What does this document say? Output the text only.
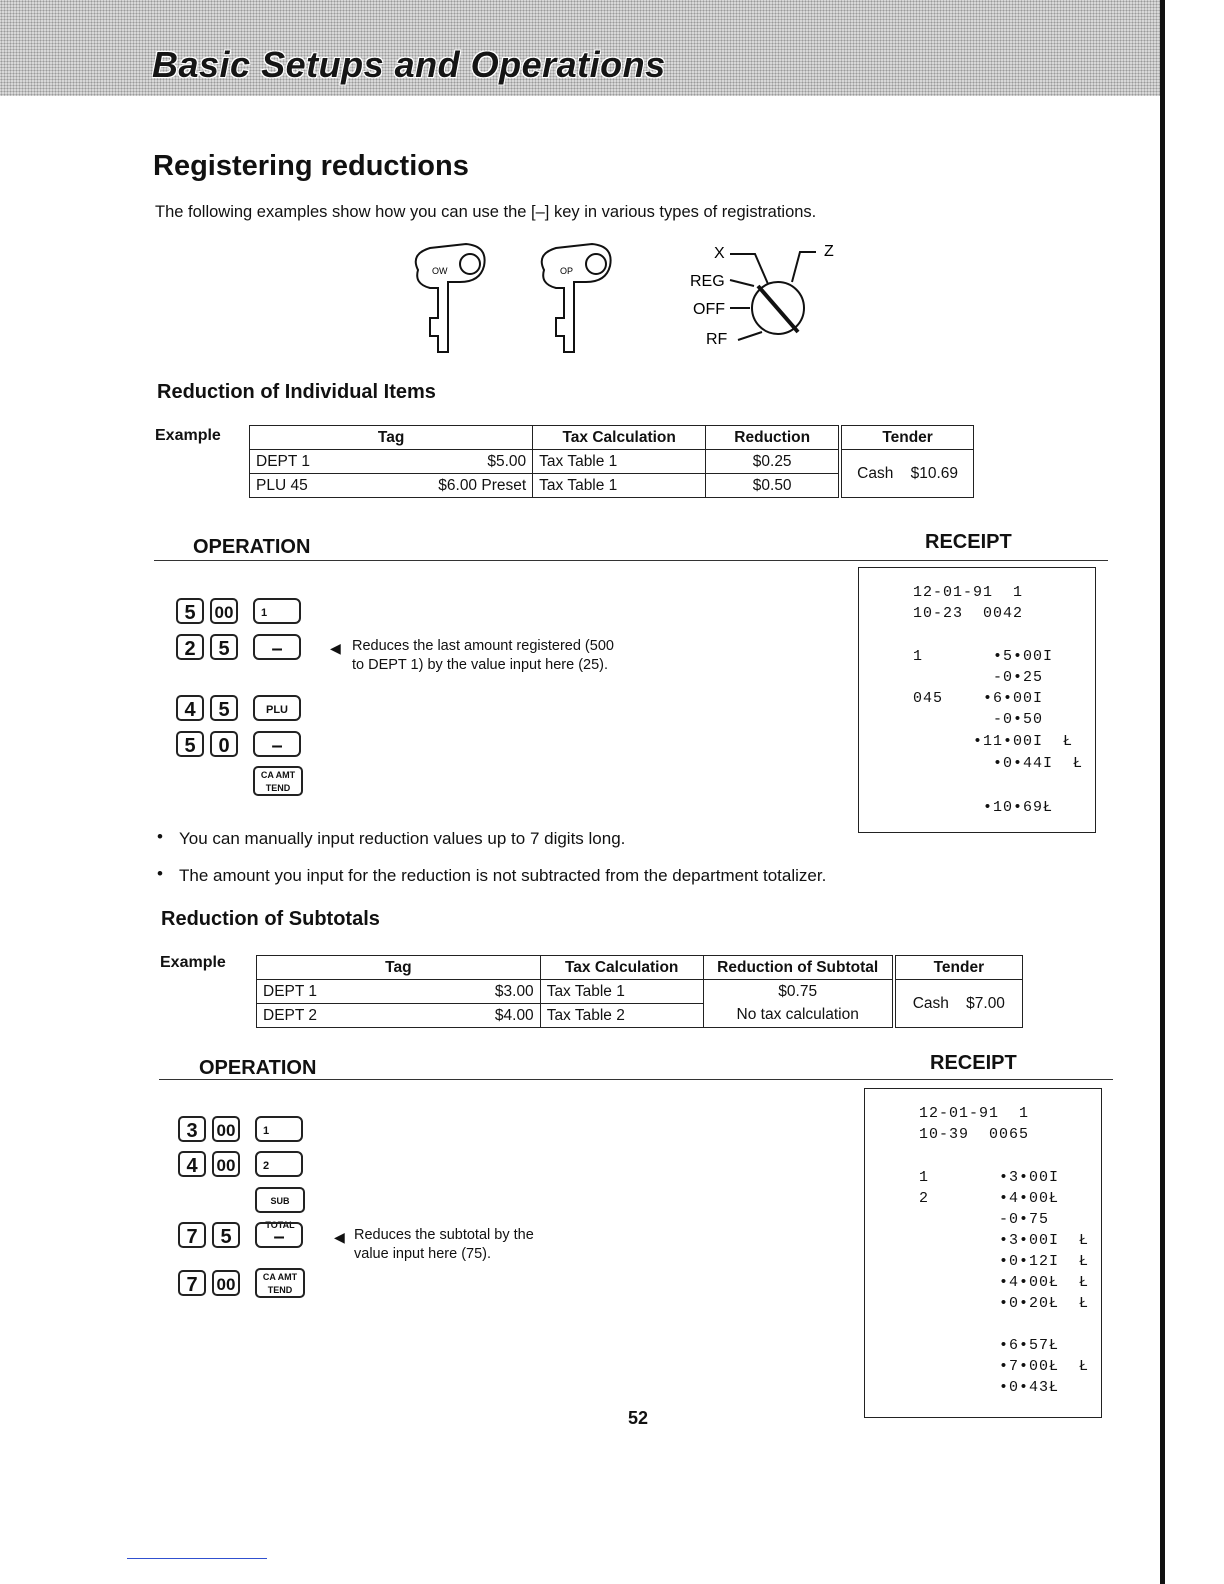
Basic Setups and Operations
Registering reductions
The following examples show how you can use the [–] key in various types of registrations.
OW	OP
X	Z
REG
OFF
RF
Reduction of Individual Items
Example	Tag		Tax Calculation	Reduction	Tender
DEPT 1	$5.00	Tax Table 1	$0.25	Cash    $10.69
PLU 45	$6.00 Preset	Tax Table 1	$0.50	
OPERATION	RECEIPT
5	00	1
2	5	–
4	5	PLU
5	0	–
CA AMT TEND
◀ Reduces the last amount registered (500 to DEPT 1) by the value input here (25).
12-01-91  1
10-23  0042
1       •5•00I
-0•25
045    •6•00I
-0•50
•11•00I  Ł
•0•44I  Ł
•10•69Ł
• You can manually input reduction values up to 7 digits long.
• The amount you input for the reduction is not subtracted from the department totalizer.
Reduction of Subtotals
Example	Tag		Tax Calculation	Reduction of Subtotal	Tender
DEPT 1	$3.00	Tax Table 1	$0.75	Cash    $7.00
DEPT 2	$4.00	Tax Table 2	No tax calculation	
OPERATION	RECEIPT
3	00	1
4	00	2
SUB TOTAL
7	5	–
7	00	CA AMT TEND
◀ Reduces the subtotal by the value input here (75).
12-01-91  1
10-39  0065
1       •3•00I
2       •4•00Ł
-0•75
•3•00I  Ł
•0•12I  Ł
•4•00Ł  Ł
•0•20Ł  Ł
•6•57Ł
•7•00Ł  Ł
•0•43Ł
52
